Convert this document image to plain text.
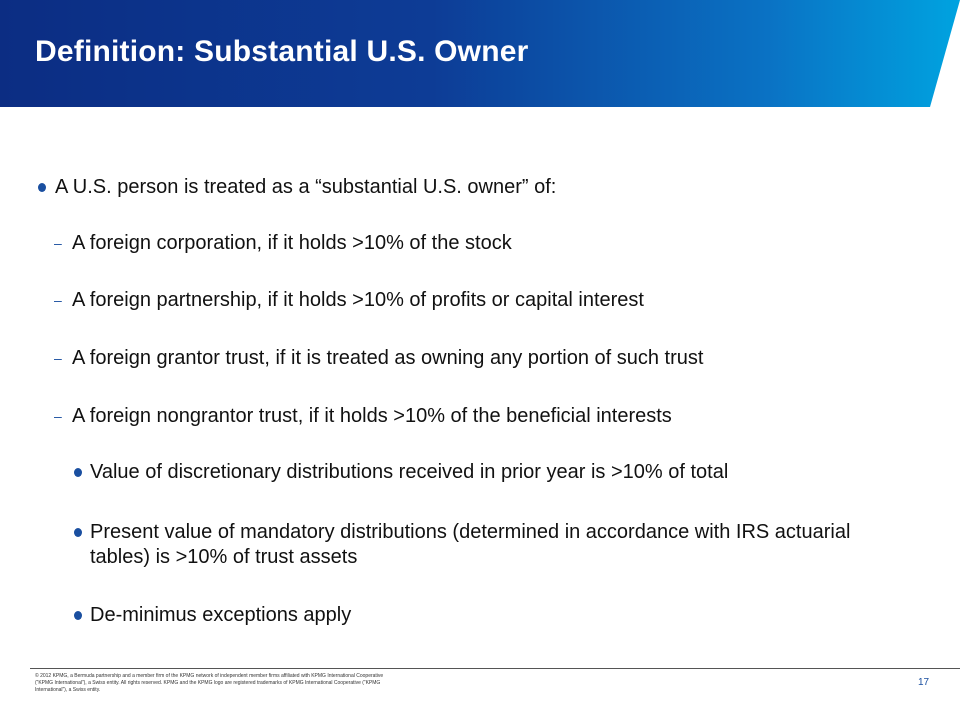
Definition: Substantial U.S. Owner
A U.S. person is treated as a “substantial U.S. owner” of:
– A foreign corporation, if it holds >10% of the stock
– A foreign partnership, if it holds >10% of profits or capital interest
– A foreign grantor trust, if it is treated as owning any portion of such trust
– A foreign nongrantor trust, if it holds >10% of the beneficial interests
Value of discretionary distributions received in prior year is >10% of total
Present value of mandatory distributions (determined in accordance with IRS actuarial tables) is >10% of trust assets
De-minimus exceptions apply
© 2012 KPMG, a Bermuda partnership and a member firm of the KPMG network of independent member firms affiliated with KPMG International Cooperative (“KPMG International”), a Swiss entity. All rights reserved. KPMG and the KPMG logo are registered trademarks of KPMG International Cooperative (“KPMG International”), a Swiss entity.
17
